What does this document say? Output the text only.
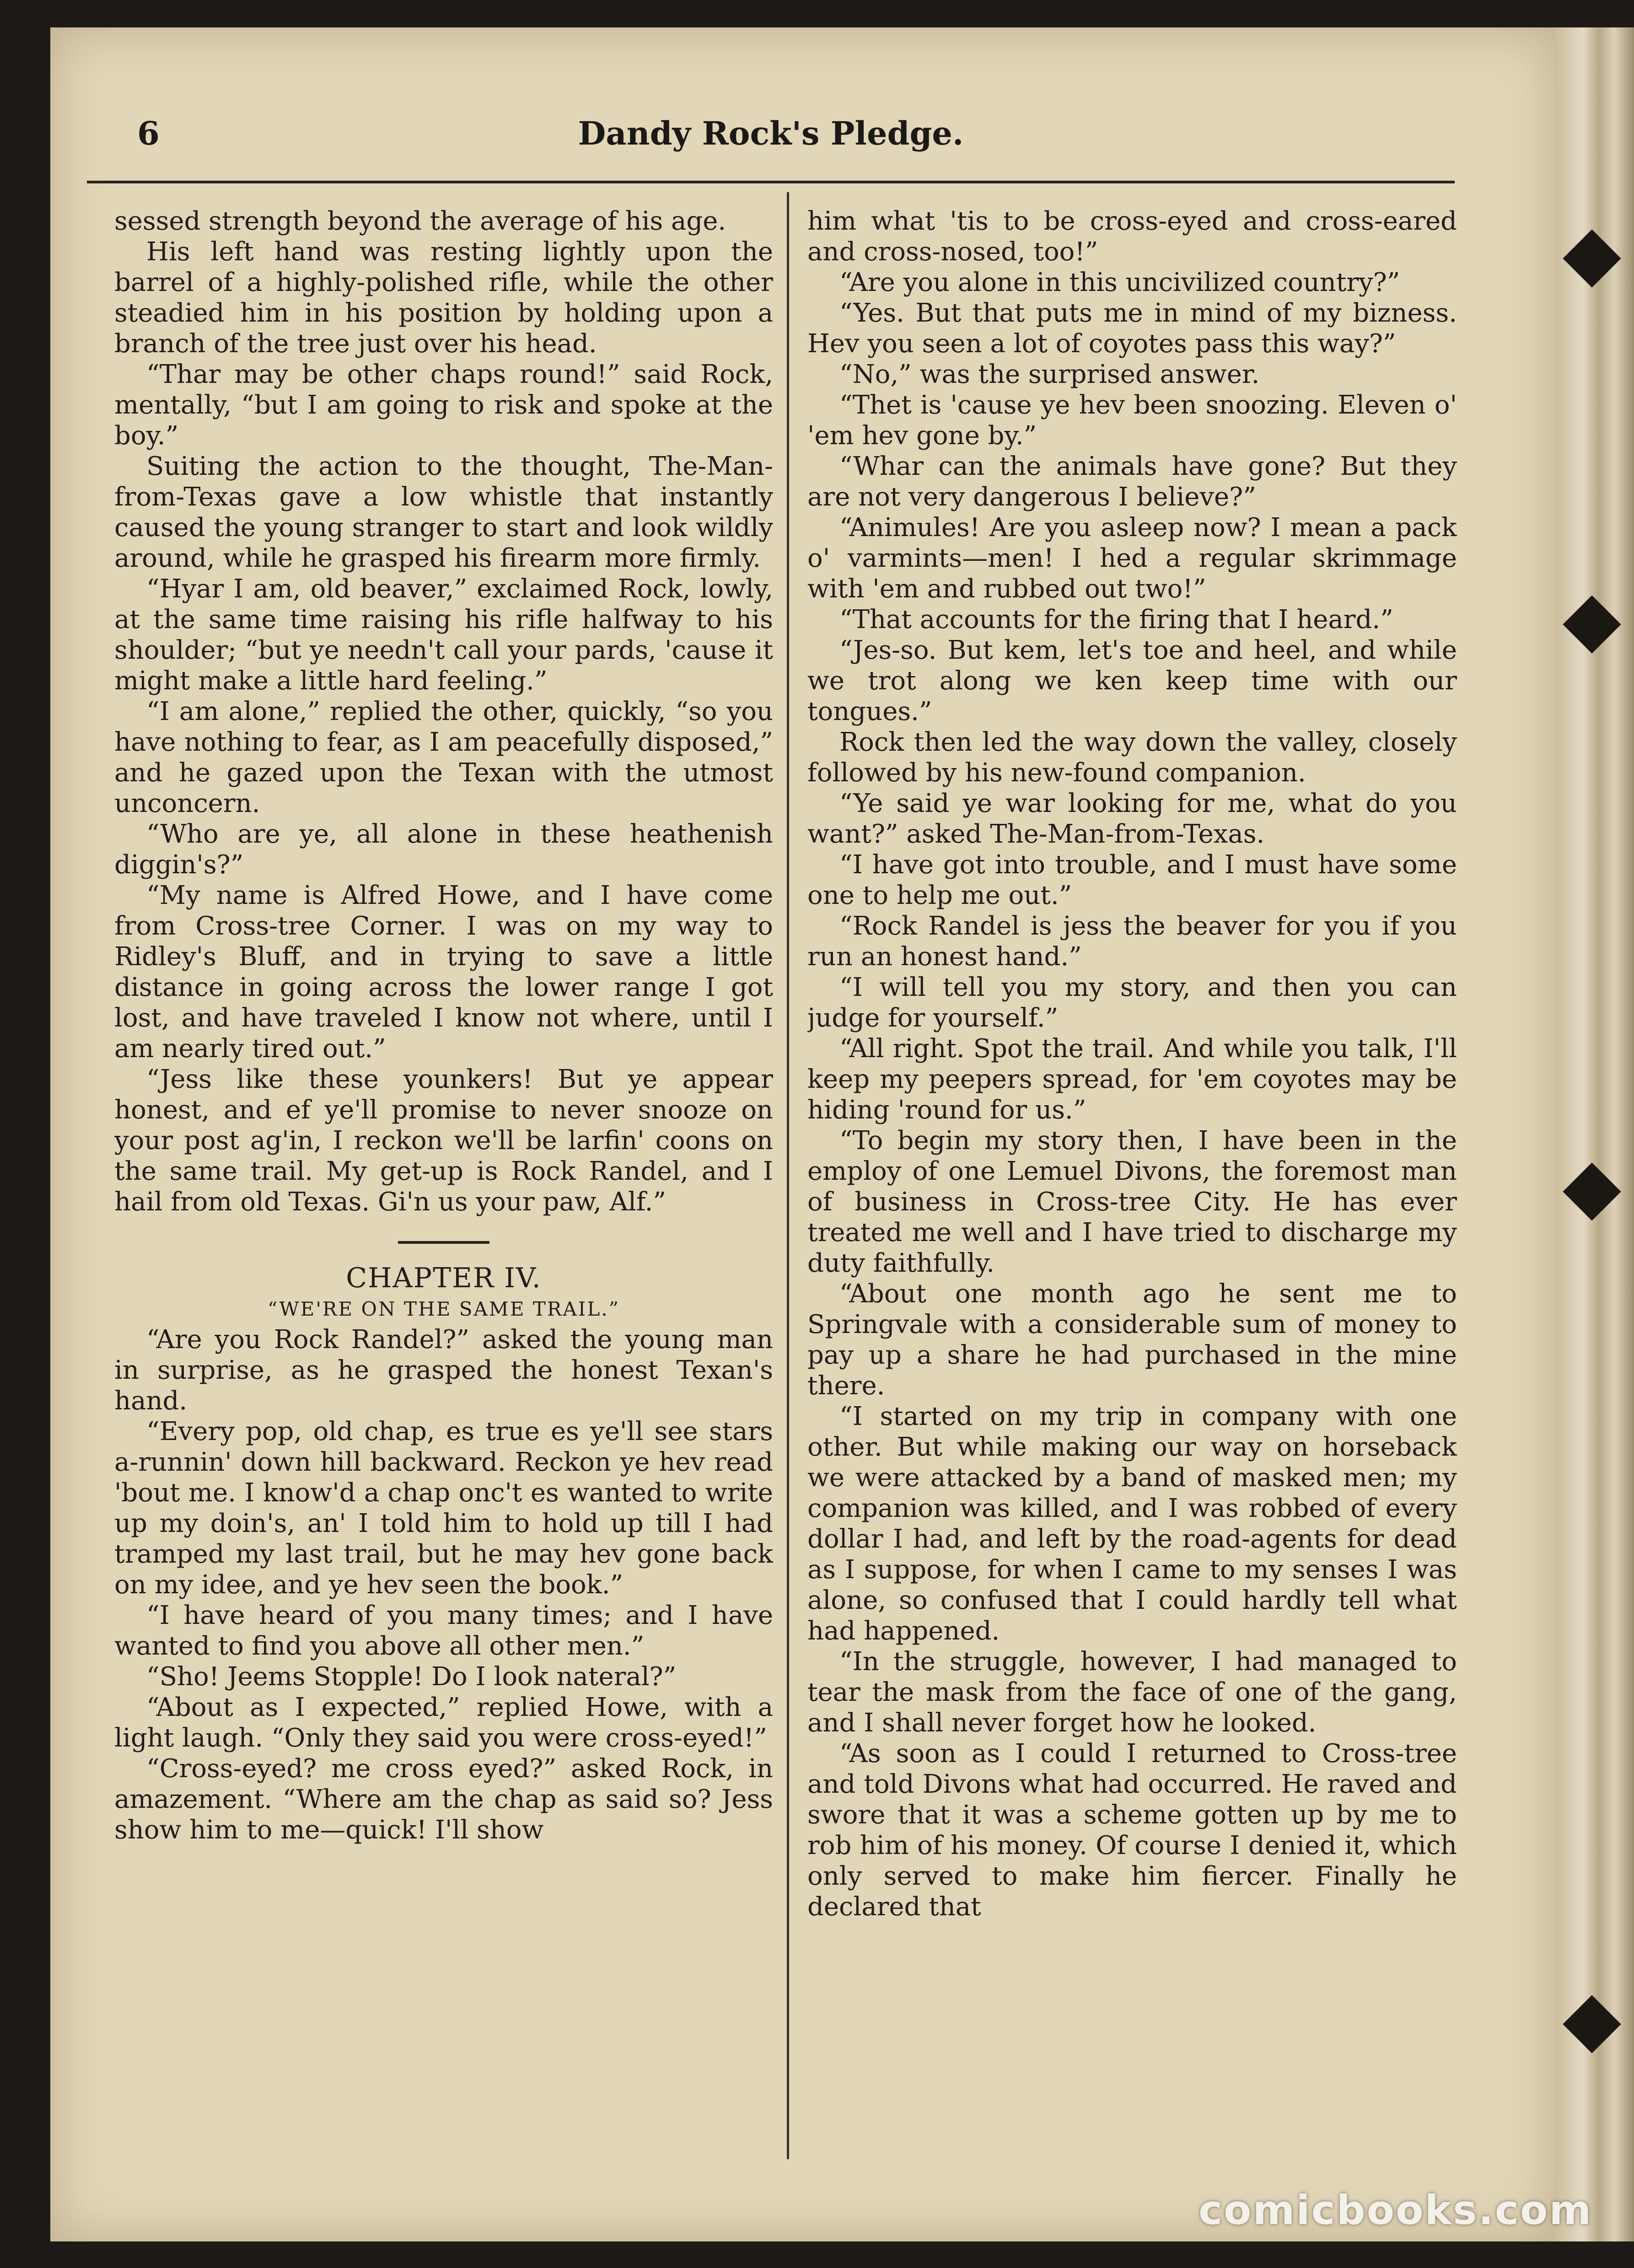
6	Dandy Rock's Pledge.

sessed strength beyond the average of his age.

His left hand was resting lightly upon the barrel of a highly-polished rifle, while the other steadied him in his position by holding upon a branch of the tree just over his head.

“Thar may be other chaps round!” said Rock, mentally, “but I am going to risk and spoke at the boy.”

Suiting the action to the thought, The-Man-from-Texas gave a low whistle that instantly caused the young stranger to start and look wildly around, while he grasped his firearm more firmly.

“Hyar I am, old beaver,” exclaimed Rock, lowly, at the same time raising his rifle halfway to his shoulder; “but ye needn't call your pards, 'cause it might make a little hard feeling.”

“I am alone,” replied the other, quickly, “so you have nothing to fear, as I am peacefully disposed,” and he gazed upon the Texan with the utmost unconcern.

“Who are ye, all alone in these heathenish diggin's?”

“My name is Alfred Howe, and I have come from Cross-tree Corner. I was on my way to Ridley's Bluff, and in trying to save a little distance in going across the lower range I got lost, and have traveled I know not where, until I am nearly tired out.”

“Jess like these younkers! But ye appear honest, and ef ye'll promise to never snooze on your post ag'in, I reckon we'll be larfin' coons on the same trail. My get-up is Rock Randel, and I hail from old Texas. Gi'n us your paw, Alf.”

CHAPTER IV.

“WE'RE ON THE SAME TRAIL.”

“Are you Rock Randel?” asked the young man in surprise, as he grasped the honest Texan's hand.

“Every pop, old chap, es true es ye'll see stars a-runnin' down hill backward. Reckon ye hev read 'bout me. I know'd a chap onc't es wanted to write up my doin's, an' I told him to hold up till I had tramped my last trail, but he may hev gone back on my idee, and ye hev seen the book.”

“I have heard of you many times; and I have wanted to find you above all other men.”

“Sho! Jeems Stopple! Do I look nateral?”

“About as I expected,” replied Howe, with a light laugh. “Only they said you were cross-eyed!”

“Cross-eyed? me cross eyed?” asked Rock, in amazement. “Where am the chap as said so? Jess show him to me—quick! I'll show

him what 'tis to be cross-eyed and cross-eared and cross-nosed, too!”

“Are you alone in this uncivilized country?”

“Yes. But that puts me in mind of my bizness. Hev you seen a lot of coyotes pass this way?”

“No,” was the surprised answer.

“Thet is 'cause ye hev been snoozing. Eleven o' 'em hev gone by.”

“Whar can the animals have gone? But they are not very dangerous I believe?”

“Animules! Are you asleep now? I mean a pack o' varmints—men! I hed a regular skrimmage with 'em and rubbed out two!”

“That accounts for the firing that I heard.”

“Jes-so. But kem, let's toe and heel, and while we trot along we ken keep time with our tongues.”

Rock then led the way down the valley, closely followed by his new-found companion.

“Ye said ye war looking for me, what do you want?” asked The-Man-from-Texas.

“I have got into trouble, and I must have some one to help me out.”

“Rock Randel is jess the beaver for you if you run an honest hand.”

“I will tell you my story, and then you can judge for yourself.”

“All right. Spot the trail. And while you talk, I'll keep my peepers spread, for 'em coyotes may be hiding 'round for us.”

“To begin my story then, I have been in the employ of one Lemuel Divons, the foremost man of business in Cross-tree City. He has ever treated me well and I have tried to discharge my duty faithfully.

“About one month ago he sent me to Springvale with a considerable sum of money to pay up a share he had purchased in the mine there.

“I started on my trip in company with one other. But while making our way on horseback we were attacked by a band of masked men; my companion was killed, and I was robbed of every dollar I had, and left by the road-agents for dead as I suppose, for when I came to my senses I was alone, so confused that I could hardly tell what had happened.

“In the struggle, however, I had managed to tear the mask from the face of one of the gang, and I shall never forget how he looked.

“As soon as I could I returned to Cross-tree and told Divons what had occurred. He raved and swore that it was a scheme gotten up by me to rob him of his money. Of course I denied it, which only served to make him fiercer. Finally he declared that

comicbooks.com
